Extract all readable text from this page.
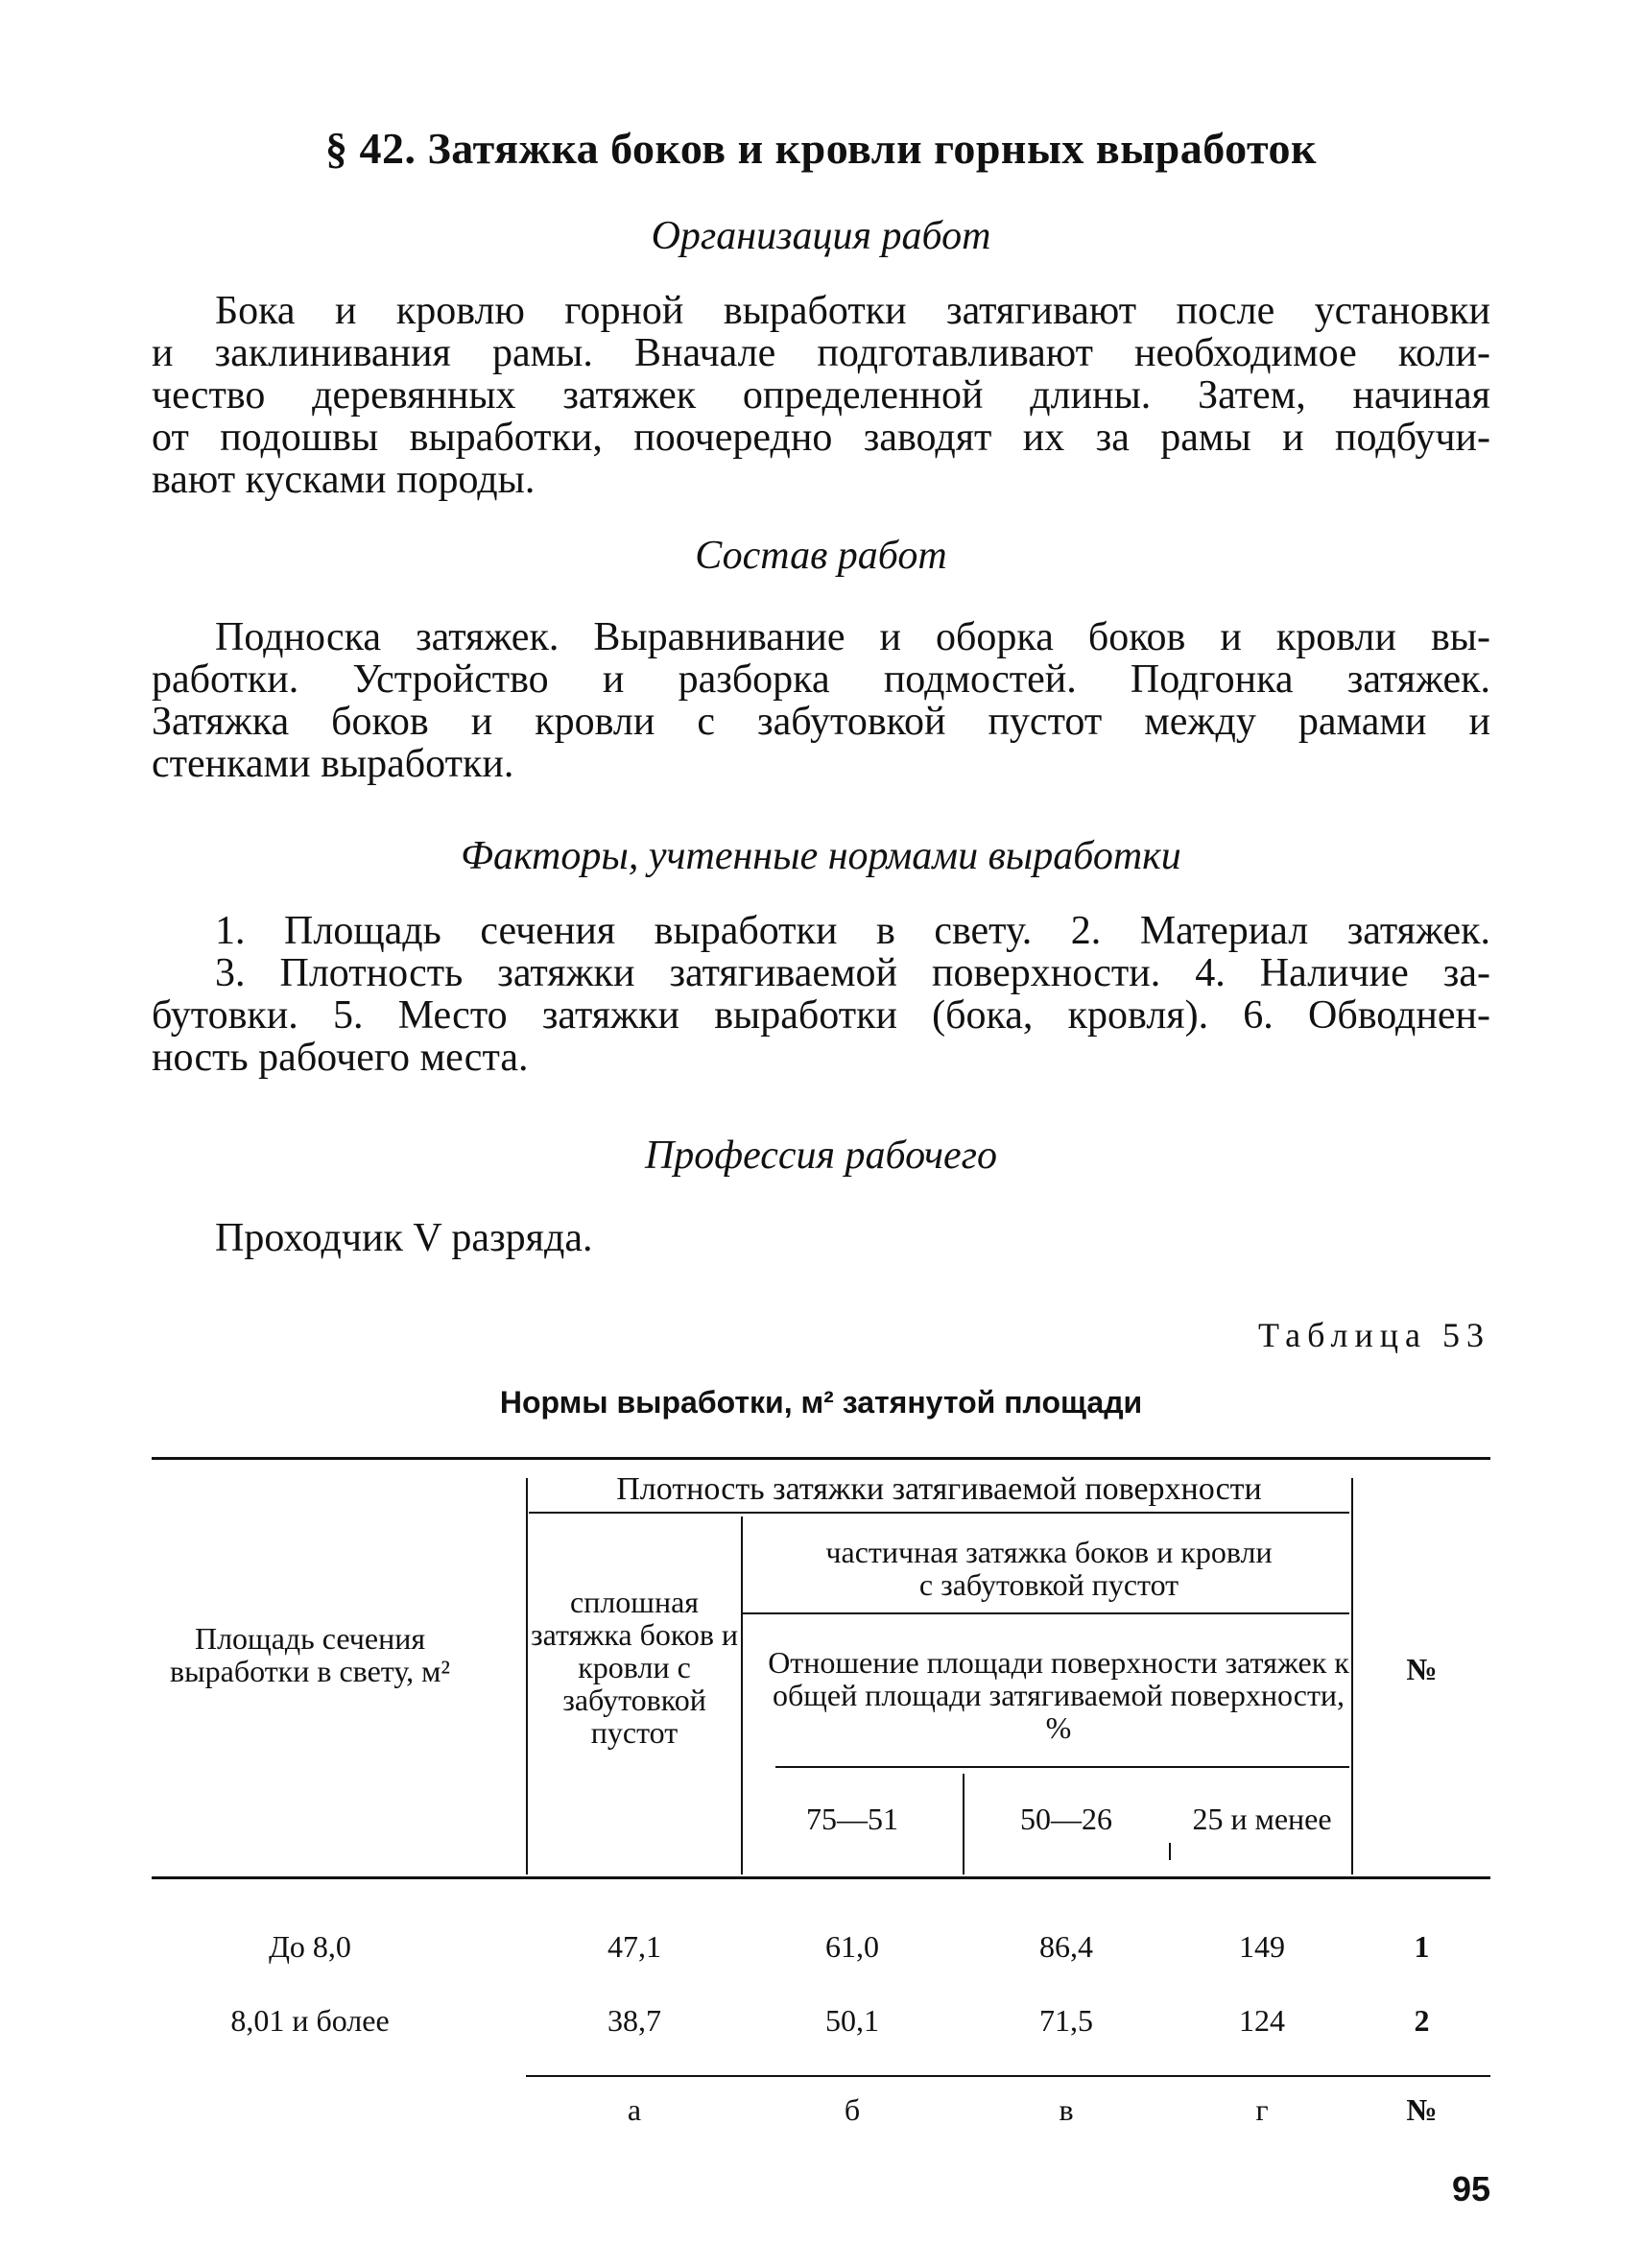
§ 42. Затяжка боков и кровли горных выработок
Организация работ
Бока и кровлю горной выработки затягивают после установки
и заклинивания рамы. Вначале подготавливают необходимое коли-
чество деревянных затяжек определенной длины. Затем, начиная
от подошвы выработки, поочередно заводят их за рамы и подбучи-
вают кусками породы.
Состав работ
Подноска затяжек. Выравнивание и оборка боков и кровли вы-
работки. Устройство и разборка подмостей. Подгонка затяжек.
Затяжка боков и кровли с забутовкой пустот между рамами и
стенками выработки.
Факторы, учтенные нормами выработки
1. Площадь сечения выработки в свету. 2. Материал затяжек.
3. Плотность затяжки затягиваемой поверхности. 4. Наличие за-
бутовки. 5. Место затяжки выработки (бока, кровля). 6. Обводнен-
ность рабочего места.
Профессия рабочего
Проходчик V разряда.
Таблица 53
Нормы выработки, м² затянутой площади
Площадь сечения выработки в свету, м²
Плотность затяжки затягиваемой поверхности
сплошная затяжка боков и кровли с забутовкой пустот
частичная затяжка боков и кровли с забутовкой пустот
Отношение площади поверхности затяжек к общей площади затягиваемой поверхности, %
75—51	50—26	25 и менее
№
До 8,0	47,1	61,0	86,4	149	1
8,01 и более	38,7	50,1	71,5	124	2
а	б	в	г	№
95
